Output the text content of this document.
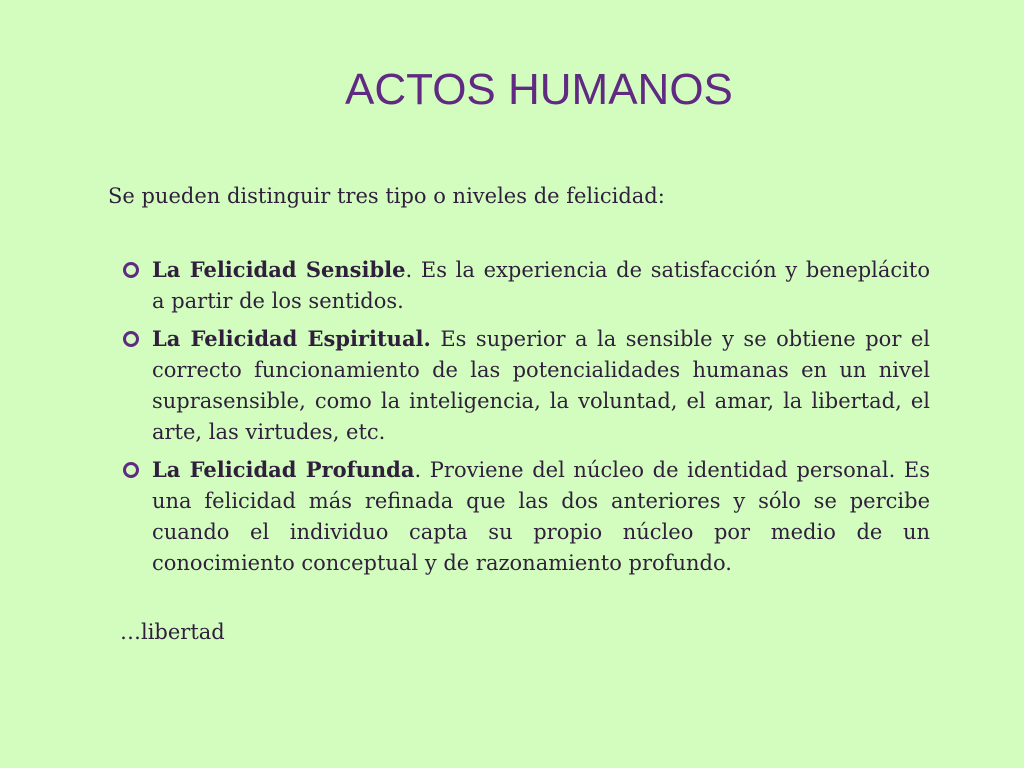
ACTOS HUMANOS

Se pueden distinguir tres tipo o niveles de felicidad:

La Felicidad Sensible. Es la experiencia de satisfacción y beneplácito a partir de los sentidos.
La Felicidad Espiritual. Es superior a la sensible y se obtiene por el correcto funcionamiento de las potencialidades humanas en un nivel suprasensible, como la inteligencia, la voluntad, el amar, la libertad, el arte, las virtudes, etc.
La Felicidad Profunda. Proviene del núcleo de identidad personal. Es una felicidad más refinada que las dos anteriores y sólo se percibe cuando el individuo capta su propio núcleo por medio de un conocimiento conceptual y de razonamiento profundo.

…libertad
